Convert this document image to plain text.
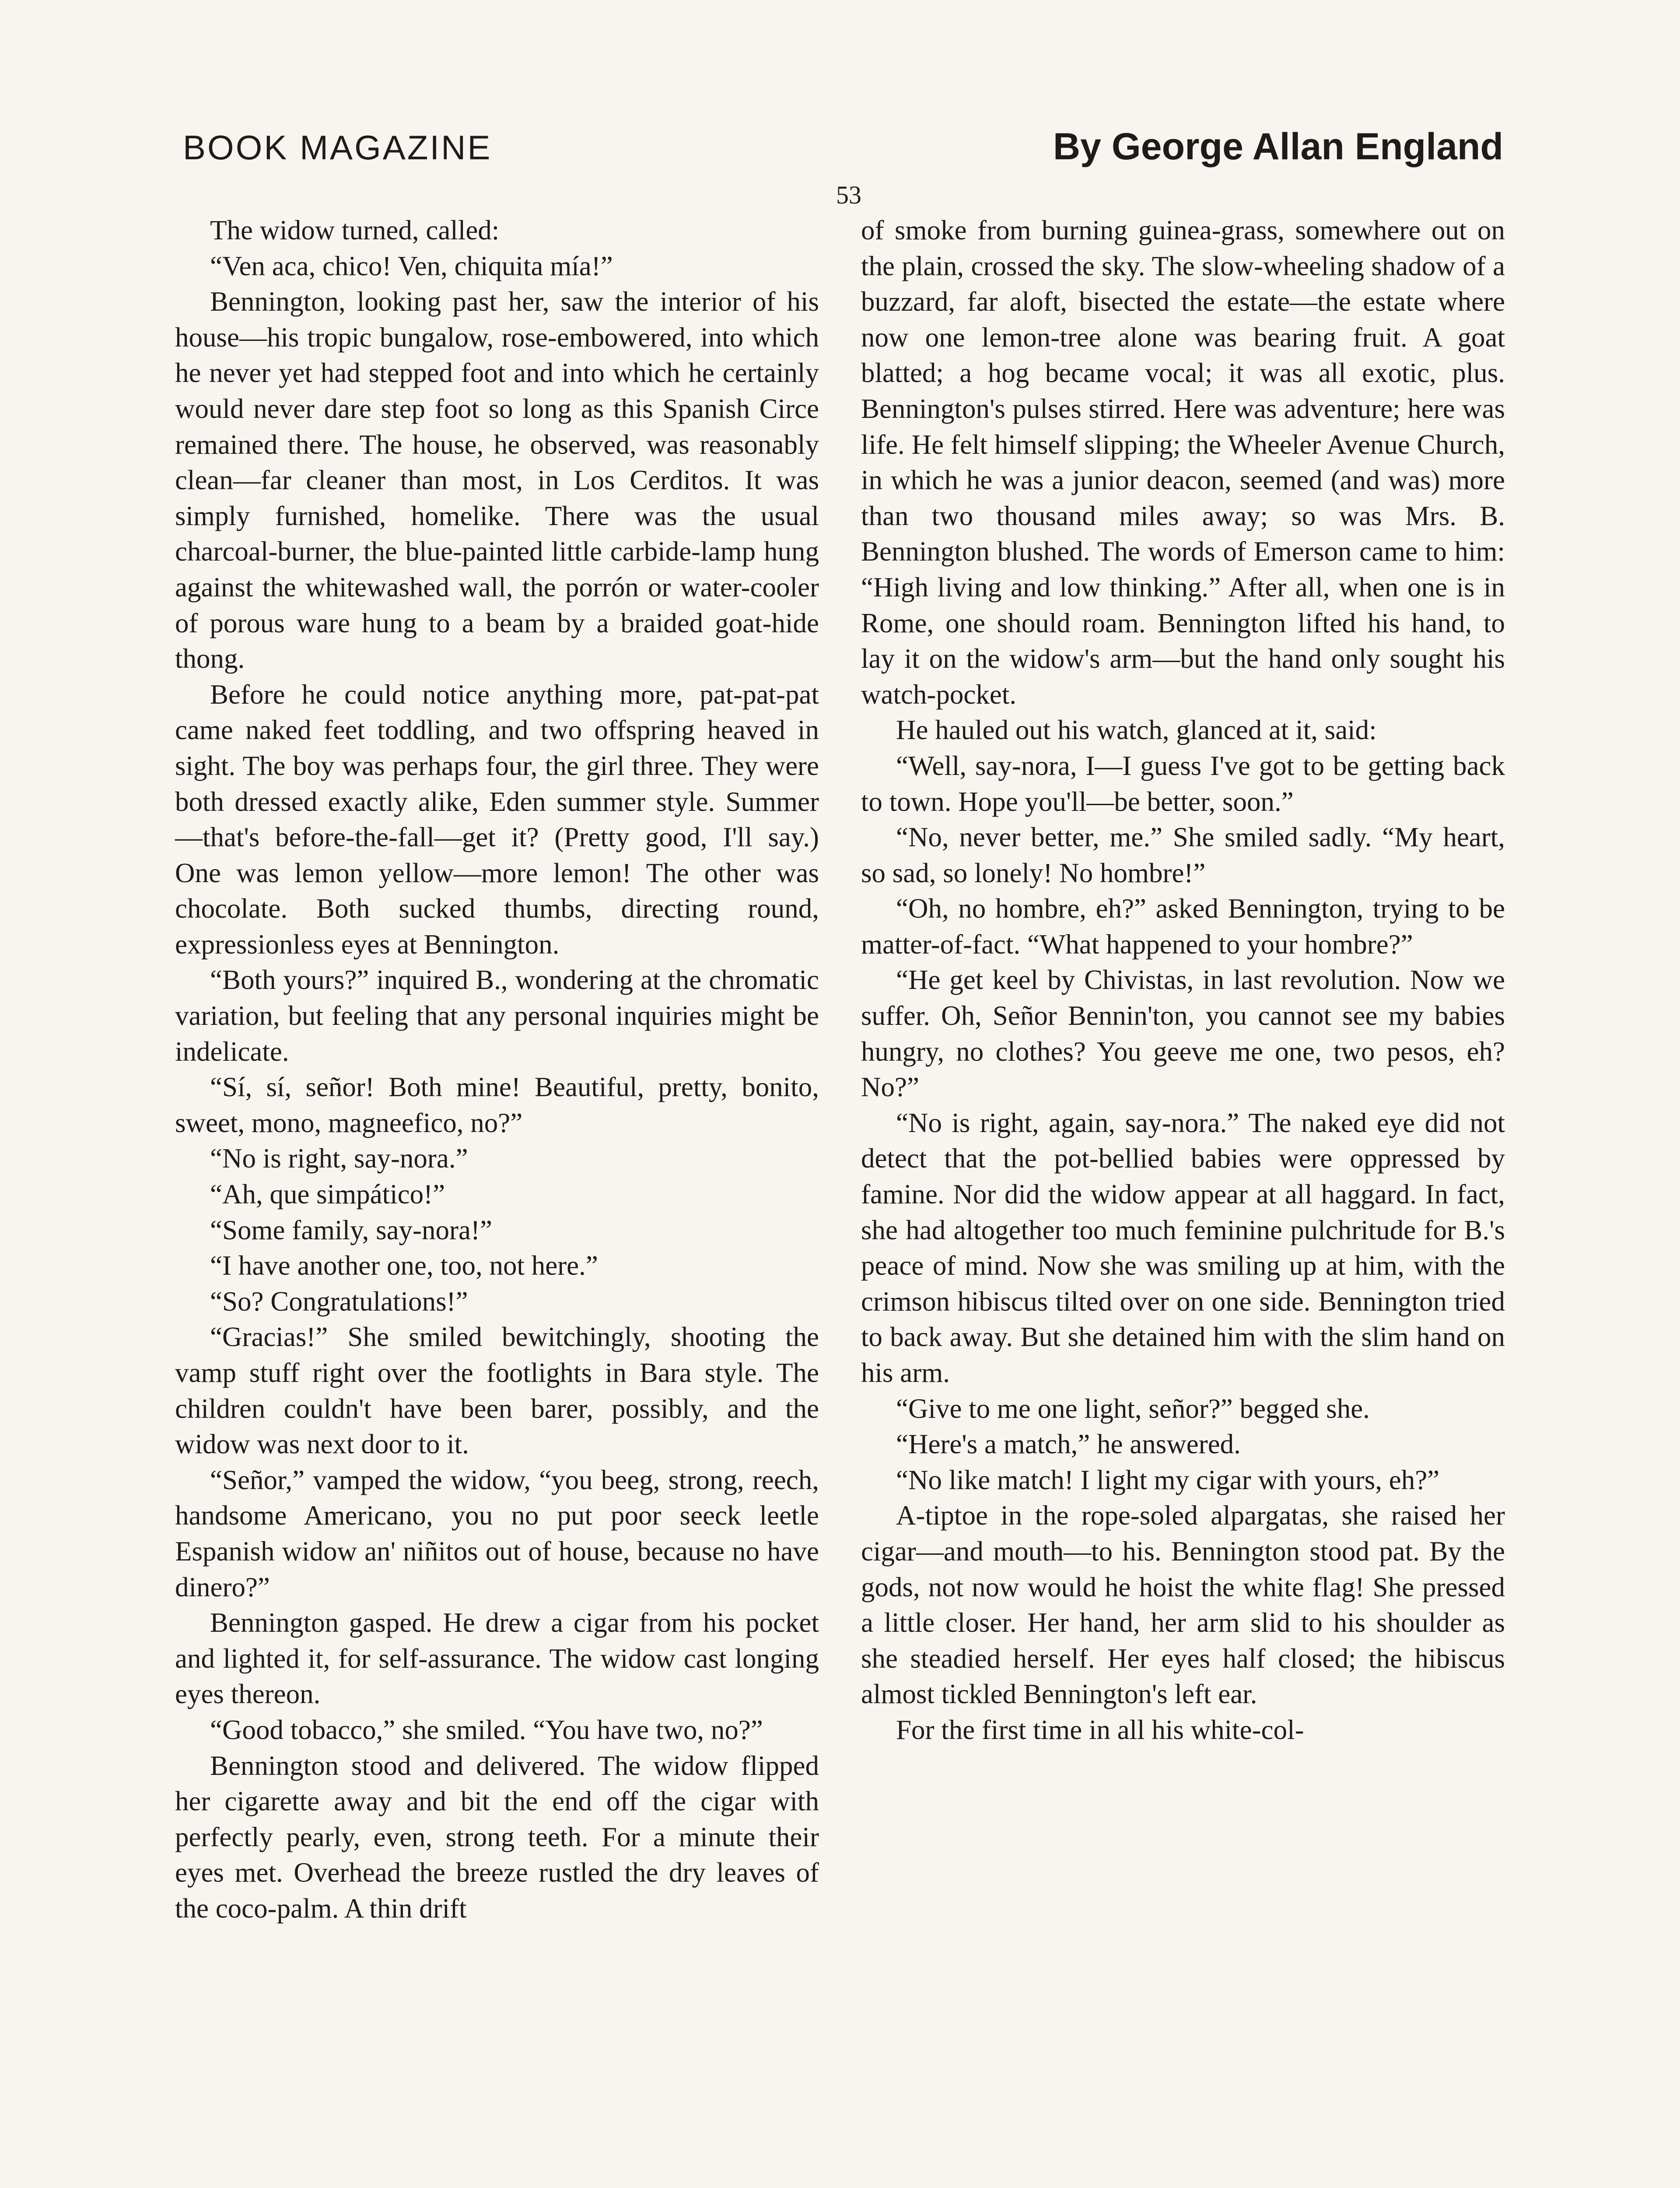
BOOK MAGAZINE	By George Allan England
53

The widow turned, called:

“Ven aca, chico! Ven, chiquita mía!”

Bennington, looking past her, saw the interior of his house—his tropic bungalow, rose-embowered, into which he never yet had stepped foot and into which he certainly would never dare step foot so long as this Spanish Circe remained there. The house, he observed, was reasonably clean—far cleaner than most, in Los Cerditos. It was simply furnished, homelike. There was the usual charcoal-burner, the blue-painted little carbide-lamp hung against the whitewashed wall, the porrón or water-cooler of porous ware hung to a beam by a braided goat-hide thong.

Before he could notice anything more, pat-pat-pat came naked feet toddling, and two offspring heaved in sight. The boy was perhaps four, the girl three. They were both dressed exactly alike, Eden summer style. Summer—that's before-the-fall—get it? (Pretty good, I'll say.) One was lemon yellow—more lemon! The other was chocolate. Both sucked thumbs, directing round, expressionless eyes at Bennington.

“Both yours?” inquired B., wondering at the chromatic variation, but feeling that any personal inquiries might be indelicate.

“Sí, sí, señor! Both mine! Beautiful, pretty, bonito, sweet, mono, magneefico, no?”

“No is right, say-nora.”

“Ah, que simpático!”

“Some family, say-nora!”

“I have another one, too, not here.”

“So? Congratulations!”

“Gracias!” She smiled bewitchingly, shooting the vamp stuff right over the footlights in Bara style. The children couldn't have been barer, possibly, and the widow was next door to it.

“Señor,” vamped the widow, “you beeg, strong, reech, handsome Americano, you no put poor seeck leetle Espanish widow an' niñitos out of house, because no have dinero?”

Bennington gasped. He drew a cigar from his pocket and lighted it, for self-assurance. The widow cast longing eyes thereon.

“Good tobacco,” she smiled. “You have two, no?”

Bennington stood and delivered. The widow flipped her cigarette away and bit the end off the cigar with perfectly pearly, even, strong teeth. For a minute their eyes met. Overhead the breeze rustled the dry leaves of the coco-palm. A thin drift

of smoke from burning guinea-grass, somewhere out on the plain, crossed the sky. The slow-wheeling shadow of a buzzard, far aloft, bisected the estate—the estate where now one lemon-tree alone was bearing fruit. A goat blatted; a hog became vocal; it was all exotic, plus. Bennington's pulses stirred. Here was adventure; here was life. He felt himself slipping; the Wheeler Avenue Church, in which he was a junior deacon, seemed (and was) more than two thousand miles away; so was Mrs. B. Bennington blushed. The words of Emerson came to him: “High living and low thinking.” After all, when one is in Rome, one should roam. Bennington lifted his hand, to lay it on the widow's arm—but the hand only sought his watch-pocket.

He hauled out his watch, glanced at it, said:

“Well, say-nora, I—I guess I've got to be getting back to town. Hope you'll—be better, soon.”

“No, never better, me.” She smiled sadly. “My heart, so sad, so lonely! No hombre!”

“Oh, no hombre, eh?” asked Bennington, trying to be matter-of-fact. “What happened to your hombre?”

“He get keel by Chivistas, in last revolution. Now we suffer. Oh, Señor Bennin'ton, you cannot see my babies hungry, no clothes? You geeve me one, two pesos, eh? No?”

“No is right, again, say-nora.” The naked eye did not detect that the pot-bellied babies were oppressed by famine. Nor did the widow appear at all haggard. In fact, she had altogether too much feminine pulchritude for B.'s peace of mind. Now she was smiling up at him, with the crimson hibiscus tilted over on one side. Bennington tried to back away. But she detained him with the slim hand on his arm.

“Give to me one light, señor?” begged she.

“Here's a match,” he answered.

“No like match! I light my cigar with yours, eh?”

A-tiptoe in the rope-soled alpargatas, she raised her cigar—and mouth—to his. Bennington stood pat. By the gods, not now would he hoist the white flag! She pressed a little closer. Her hand, her arm slid to his shoulder as she steadied herself. Her eyes half closed; the hibiscus almost tickled Bennington's left ear.

For the first time in all his white-col-
